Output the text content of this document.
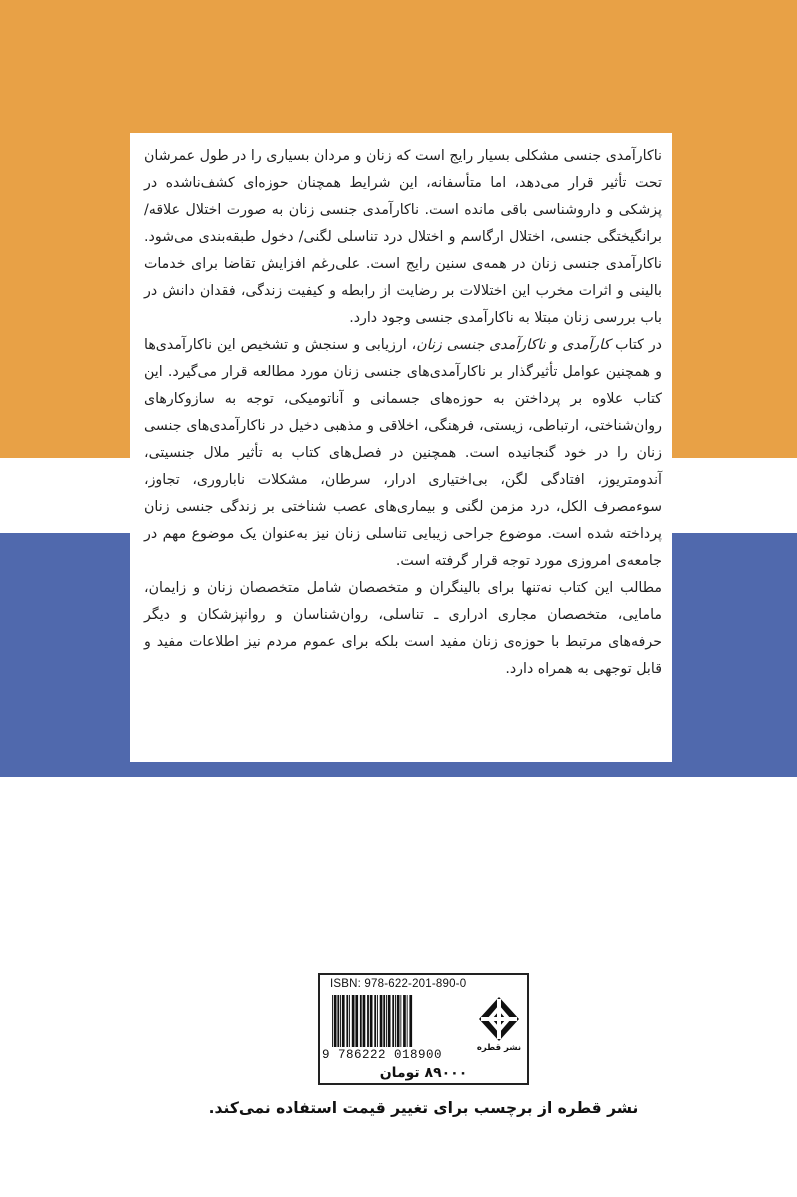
ناکارآمدی جنسی مشکلی بسیار رایج است که زنان و مردان بسیاری را در طول عمرشان تحت تأثیر قرار می‌دهد، اما متأسفانه، این شرایط همچنان حوزه‌ای کشف‌ناشده در پزشکی و داروشناسی باقی مانده است. ناکارآمدی جنسی زنان به صورت اختلال علاقه/ برانگیختگی جنسی، اختلال ارگاسم و اختلال درد تناسلی لگنی/ دخول طبقه‌بندی می‌شود. ناکارآمدی جنسی زنان در همه‌ی سنین رایج است. علی‌رغم افزایش تقاضا برای خدمات بالینی و اثرات مخرب این اختلالات بر رضایت از رابطه و کیفیت زندگی، فقدان دانش در باب بررسی زنان مبتلا به ناکارآمدی جنسی وجود دارد.

در کتاب کارآمدی و ناکارآمدی جنسی زنان، ارزیابی و سنجش و تشخیص این ناکارآمدی‌ها و همچنین عوامل تأثیرگذار بر ناکارآمدی‌های جنسی زنان مورد مطالعه قرار می‌گیرد. این کتاب علاوه بر پرداختن به حوزه‌های جسمانی و آناتومیکی، توجه به سازوکارهای روان‌شناختی، ارتباطی، زیستی، فرهنگی، اخلاقی و مذهبی دخیل در ناکارآمدی‌های جنسی زنان را در خود گنجانیده است. همچنین در فصل‌های کتاب به تأثیر ملال جنسیتی، آندومتریوز، افتادگی لگن، بی‌اختیاری ادرار، سرطان، مشکلات ناباروری، تجاوز، سوءمصرف الکل، درد مزمن لگنی و بیماری‌های عصب شناختی بر زندگی جنسی زنان پرداخته شده است. موضوع جراحی زیبایی تناسلی زنان نیز به‌عنوان یک موضوع مهم در جامعه‌ی امروزی مورد توجه قرار گرفته است.

مطالب این کتاب نه‌تنها برای بالینگران و متخصصان شامل متخصصان زنان و زایمان، مامایی، متخصصان مجاری ادراری ـ تناسلی، روان‌شناسان و روانپزشکان و دیگر حرفه‌های مرتبط با حوزه‌ی زنان مفید است بلکه برای عموم مردم نیز اطلاعات مفید و قابل توجهی به همراه دارد.

ISBN: 978-622-201-890-0
9 786222 018900	نشر قطره
۸۹۰۰۰ تومان
نشر قطره از برچسب برای تغییر قیمت استفاده نمی‌کند.
